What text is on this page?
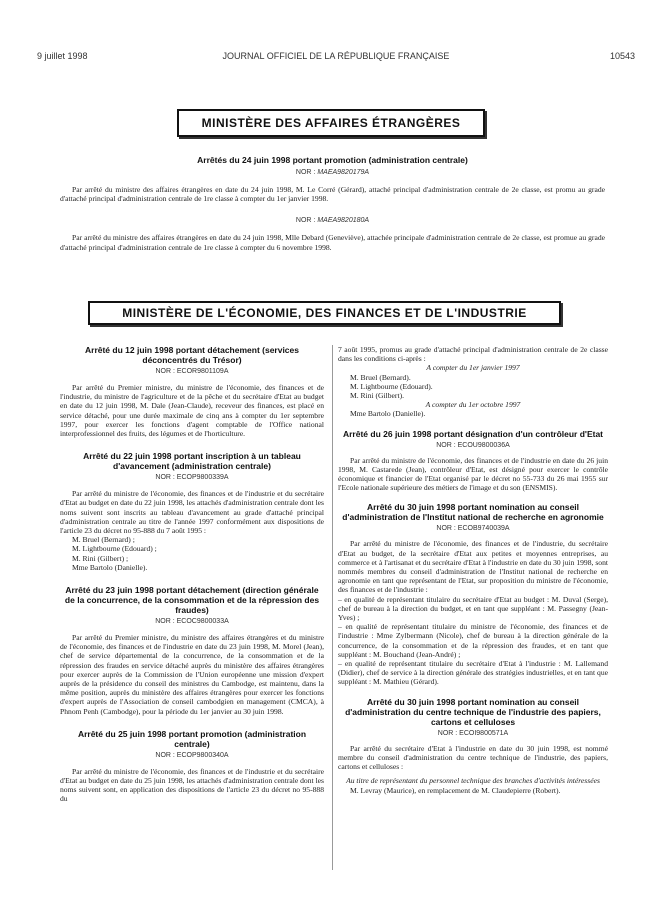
9 juillet 1998	JOURNAL OFFICIEL DE LA RÉPUBLIQUE FRANÇAISE	10543
MINISTÈRE DES AFFAIRES ÉTRANGÈRES
Arrêtés du 24 juin 1998 portant promotion (administration centrale)
NOR : MAEA9820179A
Par arrêté du ministre des affaires étrangères en date du 24 juin 1998, M. Le Corré (Gérard), attaché principal d'administration centrale de 2e classe, est promu au grade d'attaché principal d'administration centrale de 1re classe à compter du 1er janvier 1998.
NOR : MAEA9820180A
Par arrêté du ministre des affaires étrangères en date du 24 juin 1998, Mlle Debard (Geneviève), attachée principale d'administration centrale de 2e classe, est promue au grade d'attaché principal d'administration centrale de 1re classe à compter du 6 novembre 1998.
MINISTÈRE DE L'ÉCONOMIE, DES FINANCES ET DE L'INDUSTRIE
Arrêté du 12 juin 1998 portant détachement (services déconcentrés du Trésor)
NOR : ECOR9801109A
Par arrêté du Premier ministre, du ministre de l'économie, des finances et de l'industrie, du ministre de l'agriculture et de la pêche et du secrétaire d'Etat au budget en date du 12 juin 1998, M. Dale (Jean-Claude), receveur des finances, est placé en service détaché, pour une durée maximale de cinq ans à compter du 1er septembre 1997, pour exercer les fonctions d'agent comptable de l'Office national interprofessionnel des fruits, des légumes et de l'horticulture.
Arrêté du 22 juin 1998 portant inscription à un tableau d'avancement (administration centrale)
NOR : ECOP9800339A
Par arrêté du ministre de l'économie, des finances et de l'industrie et du secrétaire d'Etat au budget en date du 22 juin 1998, les attachés d'administration centrale dont les noms suivent sont inscrits au tableau d'avancement au grade d'attaché principal d'administration centrale au titre de l'année 1997 conformément aux dispositions de l'article 23 du décret no 95-888 du 7 août 1995 :
M. Bruel (Bernard) ;
M. Lightbourne (Edouard) ;
M. Rini (Gilbert) ;
Mme Bartolo (Danielle).
Arrêté du 23 juin 1998 portant détachement (direction générale de la concurrence, de la consommation et de la répression des fraudes)
NOR : ECOC9800033A
Par arrêté du Premier ministre, du ministre des affaires étrangères et du ministre de l'économie, des finances et de l'industrie en date du 23 juin 1998, M. Morel (Jean), chef de service départemental de la concurrence, de la consommation et de la répression des fraudes en service détaché auprès du ministère des affaires étrangères pour exercer auprès de la Commission de l'Union européenne une mission d'expert auprès de la présidence du conseil des ministres du Cambodge, est maintenu, dans la même position, auprès du ministère des affaires étrangères pour exercer les fonctions d'expert auprès de l'Association de conseil cambodgien en management (CMCA), à Phnom Penh (Cambodge), pour la période du 1er janvier au 30 juin 1998.
Arrêté du 25 juin 1998 portant promotion (administration centrale)
NOR : ECOP9800340A
Par arrêté du ministre de l'économie, des finances et de l'industrie et du secrétaire d'Etat au budget en date du 25 juin 1998, les attachés d'administration centrale dont les noms suivent sont, en application des dispositions de l'article 23 du décret no 95-888 du
7 août 1995, promus au grade d'attaché principal d'administration centrale de 2e classe dans les conditions ci-après :
A compter du 1er janvier 1997
M. Bruel (Bernard).
M. Lightbourne (Edouard).
M. Rini (Gilbert).
A compter du 1er octobre 1997
Mme Bartolo (Danielle).
Arrêté du 26 juin 1998 portant désignation d'un contrôleur d'Etat
NOR : ECOU9800036A
Par arrêté du ministre de l'économie, des finances et de l'industrie en date du 26 juin 1998, M. Castarede (Jean), contrôleur d'Etat, est désigné pour exercer le contrôle économique et financier de l'Etat organisé par le décret no 55-733 du 26 mai 1955 sur l'Ecole nationale supérieure des métiers de l'image et du son (ENSMIS).
Arrêté du 30 juin 1998 portant nomination au conseil d'administration de l'Institut national de recherche en agronomie
NOR : ECOB9740039A
Par arrêté du ministre de l'économie, des finances et de l'industrie, du secrétaire d'Etat au budget, de la secrétaire d'Etat aux petites et moyennes entreprises, au commerce et à l'artisanat et du secrétaire d'Etat à l'industrie en date du 30 juin 1998, sont nommés membres du conseil d'administration de l'Institut national de recherche en agronomie en tant que représentant de l'Etat, sur proposition du ministre de l'économie, des finances et de l'industrie :
– en qualité de représentant titulaire du secrétaire d'Etat au budget : M. Duval (Serge), chef de bureau à la direction du budget, et en tant que suppléant : M. Passegny (Jean-Yves) ;
– en qualité de représentant titulaire du ministre de l'économie, des finances et de l'industrie : Mme Zylbermann (Nicole), chef de bureau à la direction générale de la concurrence, de la consommation et de la répression des fraudes, et en tant que suppléant : M. Bouchand (Jean-André) ;
– en qualité de représentant titulaire du secrétaire d'Etat à l'industrie : M. Lallemand (Didier), chef de service à la direction générale des stratégies industrielles, et en tant que suppléant : M. Mathieu (Gérard).
Arrêté du 30 juin 1998 portant nomination au conseil d'administration du centre technique de l'industrie des papiers, cartons et celluloses
NOR : ECOI9800571A
Par arrêté du secrétaire d'Etat à l'industrie en date du 30 juin 1998, est nommé membre du conseil d'administration du centre technique de l'industrie, des papiers, cartons et celluloses :
Au titre de représentant du personnel technique des branches d'activités intéressées
M. Levray (Maurice), en remplacement de M. Claudepierre (Robert).
